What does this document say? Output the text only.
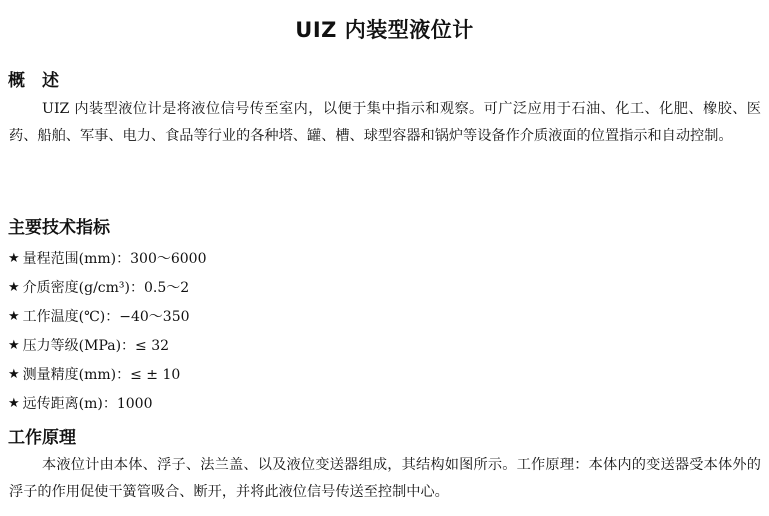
UIZ 内装型液位计
概　述

UIZ 内装型液位计是将液位信号传至室内，以便于集中指示和观察。可广泛应用于石油、化工、化肥、橡胶、医药、船舶、军事、电力、食品等行业的各种塔、罐、槽、球型容器和锅炉等设备作介质液面的位置指示和自动控制。

主要技术指标
★ 量程范围(mm)：300～6000
★ 介质密度(g/cm³)：0.5～2
★ 工作温度(℃)：−40～350
★ 压力等级(MPa)：≤ 32
★ 测量精度(mm)：≤ ± 10
★ 远传距离(m)：1000
工作原理

本液位计由本体、浮子、法兰盖、以及液位变送器组成，其结构如图所示。工作原理：本体内的变送器受本体外的浮子的作用促使干簧管吸合、断开，并将此液位信号传送至控制中心。
